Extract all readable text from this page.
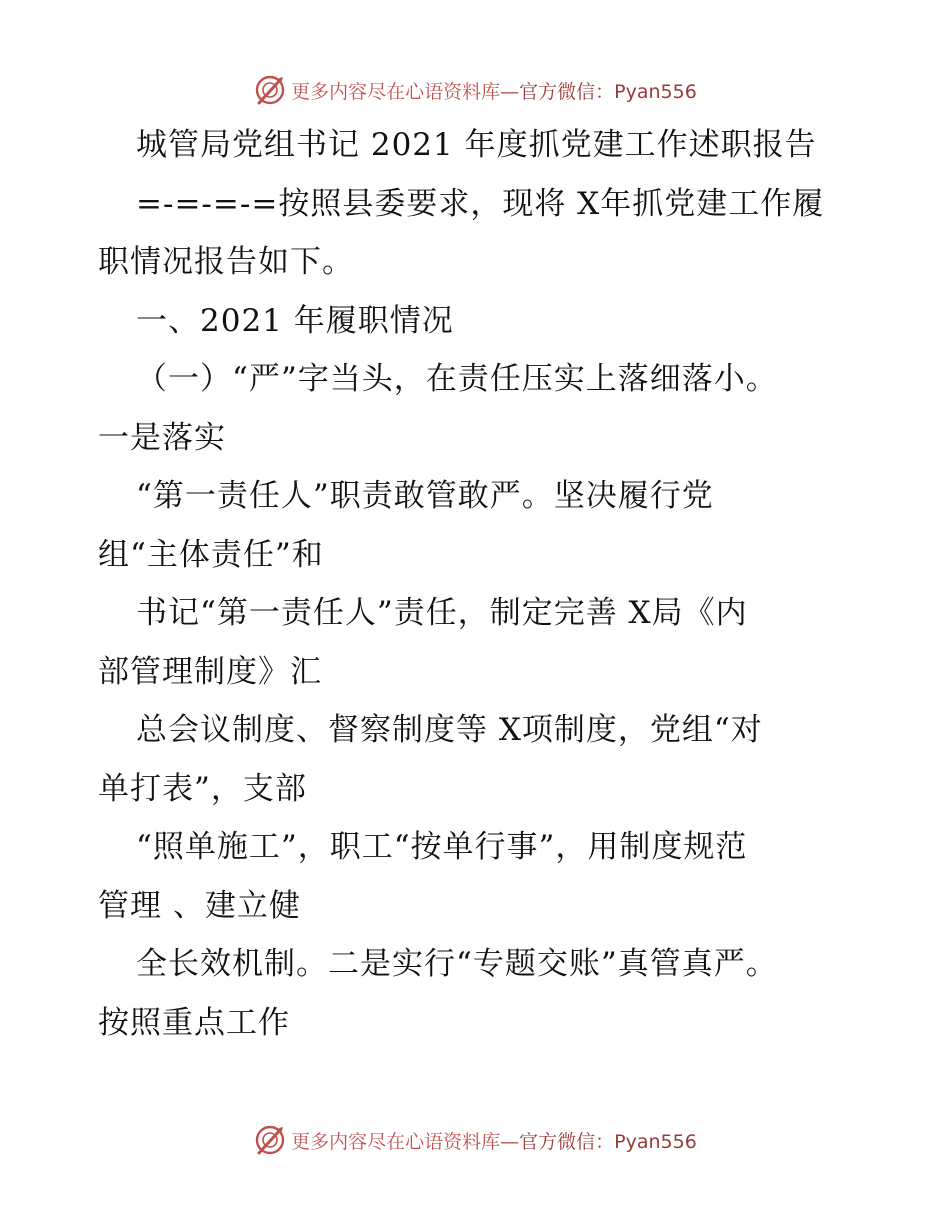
更多内容尽在心语资料库—官方微信：Pyan556
城管局党组书记 2021 年度抓党建工作述职报告
=-=-=-=按照县委要求，现将 X年抓党建工作履
职情况报告如下。
一、2021 年履职情况
（一）“严”字当头，在责任压实上落细落小。
一是落实
“第一责任人”职责敢管敢严。坚决履行党
组“主体责任”和
书记“第一责任人”责任，制定完善 X局《内
部管理制度》汇
总会议制度、督察制度等 X项制度，党组“对
单打表”，支部
“照单施工”，职工“按单行事”，用制度规范
管理 、建立健
全长效机制。二是实行“专题交账”真管真严。
按照重点工作
更多内容尽在心语资料库—官方微信：Pyan556
